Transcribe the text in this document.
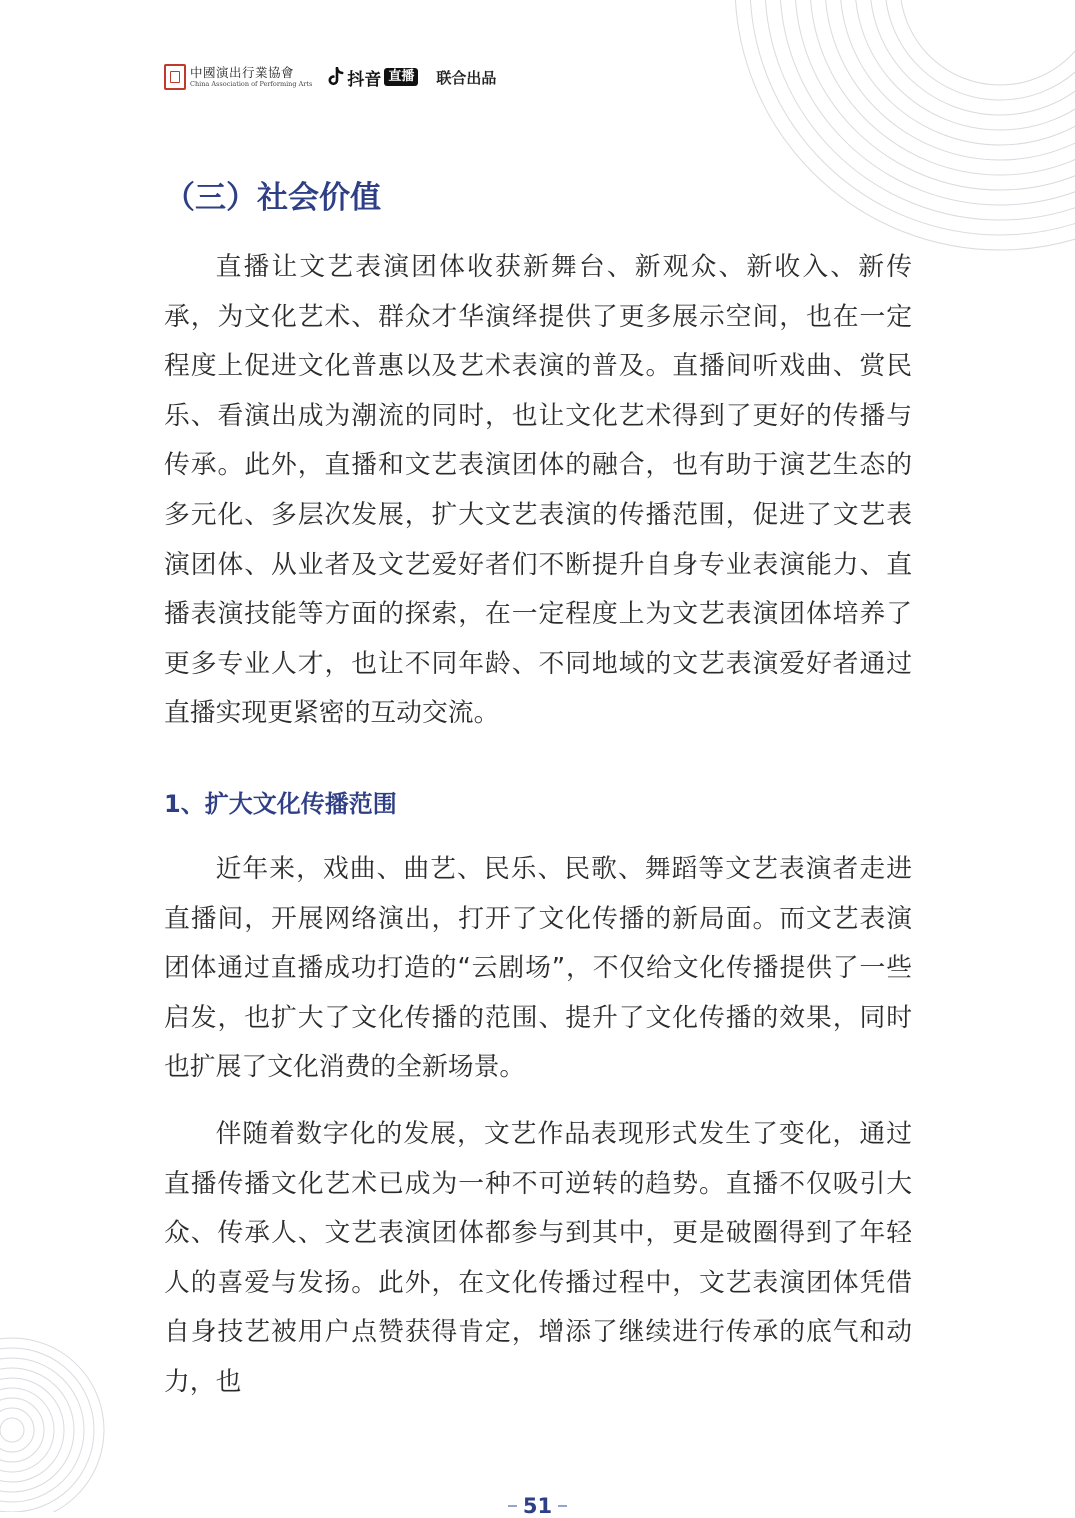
中國演出行業協會
China Association of Performing Arts 抖音 直播 联合出品
（三）社会价值

直播让文艺表演团体收获新舞台、新观众、新收入、新传承，为文化艺术、群众才华演绎提供了更多展示空间，也在一定程度上促进文化普惠以及艺术表演的普及。直播间听戏曲、赏民乐、看演出成为潮流的同时，也让文化艺术得到了更好的传播与传承。此外，直播和文艺表演团体的融合，也有助于演艺生态的多元化、多层次发展，扩大文艺表演的传播范围，促进了文艺表演团体、从业者及文艺爱好者们不断提升自身专业表演能力、直播表演技能等方面的探索，在一定程度上为文艺表演团体培养了更多专业人才，也让不同年龄、不同地域的文艺表演爱好者通过直播实现更紧密的互动交流。

1、扩大文化传播范围

近年来，戏曲、曲艺、民乐、民歌、舞蹈等文艺表演者走进直播间，开展网络演出，打开了文化传播的新局面。而文艺表演团体通过直播成功打造的“云剧场”，不仅给文化传播提供了一些启发，也扩大了文化传播的范围、提升了文化传播的效果，同时也扩展了文化消费的全新场景。

伴随着数字化的发展，文艺作品表现形式发生了变化，通过直播传播文化艺术已成为一种不可逆转的趋势。直播不仅吸引大众、传承人、文艺表演团体都参与到其中，更是破圈得到了年轻人的喜爱与发扬。此外，在文化传播过程中，文艺表演团体凭借自身技艺被用户点赞获得肯定，增添了继续进行传承的底气和动力，也

51
